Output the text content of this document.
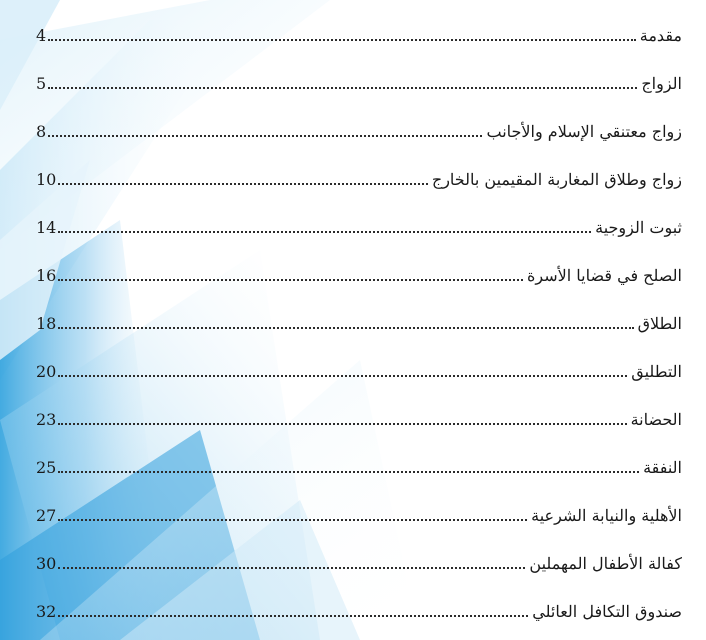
مقدمة
4
الزواج
5
زواج معتنقي الإسلام والأجانب
8
زواج وطلاق المغاربة المقيمين بالخارج
10
ثبوت الزوجية
14
الصلح في قضايا الأسرة
16
الطلاق
18
التطليق
20
الحضانة
23
النفقة
25
الأهلية والنيابة الشرعية
27
كفالة الأطفال المهملين
30
صندوق التكافل العائلي
32
